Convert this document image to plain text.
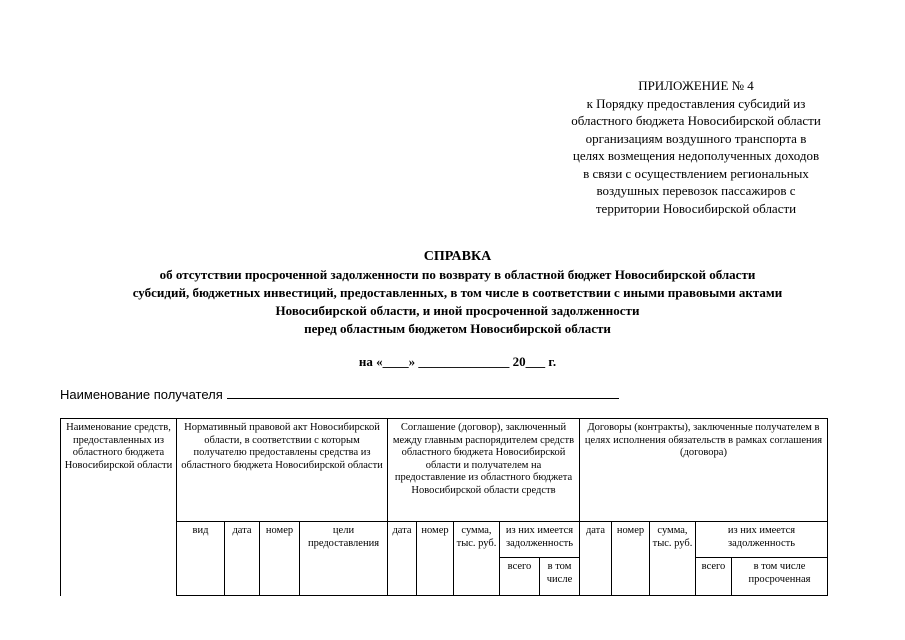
ПРИЛОЖЕНИЕ № 4
к Порядку предоставления субсидий из
областного бюджета Новосибирской области
организациям воздушного транспорта в
целях возмещения недополученных доходов
в связи с осуществлением региональных
воздушных перевозок пассажиров с
территории Новосибирской области
СПРАВКА
об отсутствии просроченной задолженности по возврату в областной бюджет Новосибирской области
субсидий, бюджетных инвестиций, предоставленных, в том числе в соответствии с иными правовыми актами
Новосибирской области, и иной просроченной задолженности
перед областным бюджетом Новосибирской области
на «____» ______________ 20___ г.
Наименование получателя
Наименование средств, предоставленных из областного бюджета Новосибирской области	Нормативный правовой акт Новосибирской области, в соответствии с которым получателю предоставлены средства из областного бюджета Новосибирской области				Соглашение (договор), заключенный между главным распорядителем средств областного бюджета Новосибирской области и получателем на предоставление из областного бюджета Новосибирской области средств					Договоры (контракты), заключенные получателем в целях исполнения обязательств в рамках соглашения (договора)				
	вид	дата	номер	цели предоставления	дата	номер	сумма, тыс. руб.	из них имеется задолженность		дата	номер	сумма, тыс. руб.	из них имеется задолженность	
								всего	в том числе				всего	в том числе просроченная
